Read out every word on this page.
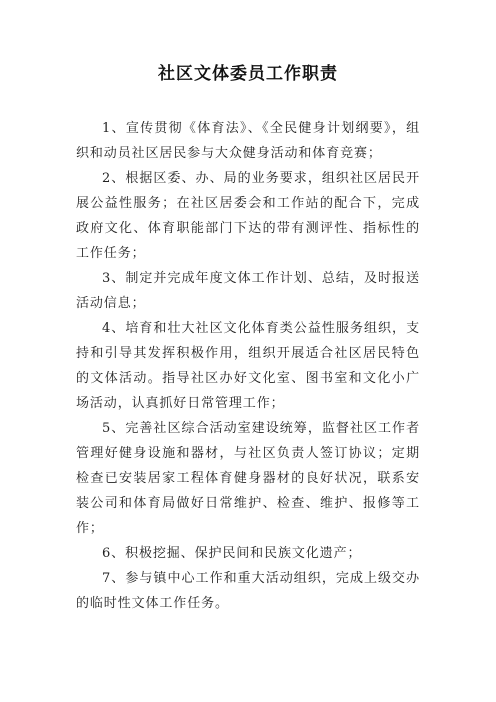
社区文体委员工作职责

1、宣传贯彻《体育法》、《全民健身计划纲要》，组织和动员社区居民参与大众健身活动和体育竞赛；

2、根据区委、办、局的业务要求，组织社区居民开展公益性服务；在社区居委会和工作站的配合下，完成政府文化、体育职能部门下达的带有测评性、指标性的工作任务；

3、制定并完成年度文体工作计划、总结，及时报送活动信息；

4、培育和壮大社区文化体育类公益性服务组织，支持和引导其发挥积极作用，组织开展适合社区居民特色的文体活动。指导社区办好文化室、图书室和文化小广场活动，认真抓好日常管理工作；

5、完善社区综合活动室建设统筹，监督社区工作者管理好健身设施和器材，与社区负责人签订协议；定期检查已安装居家工程体育健身器材的良好状况，联系安装公司和体育局做好日常维护、检查、维护、报修等工作；

6、积极挖掘、保护民间和民族文化遗产；

7、参与镇中心工作和重大活动组织，完成上级交办的临时性文体工作任务。
